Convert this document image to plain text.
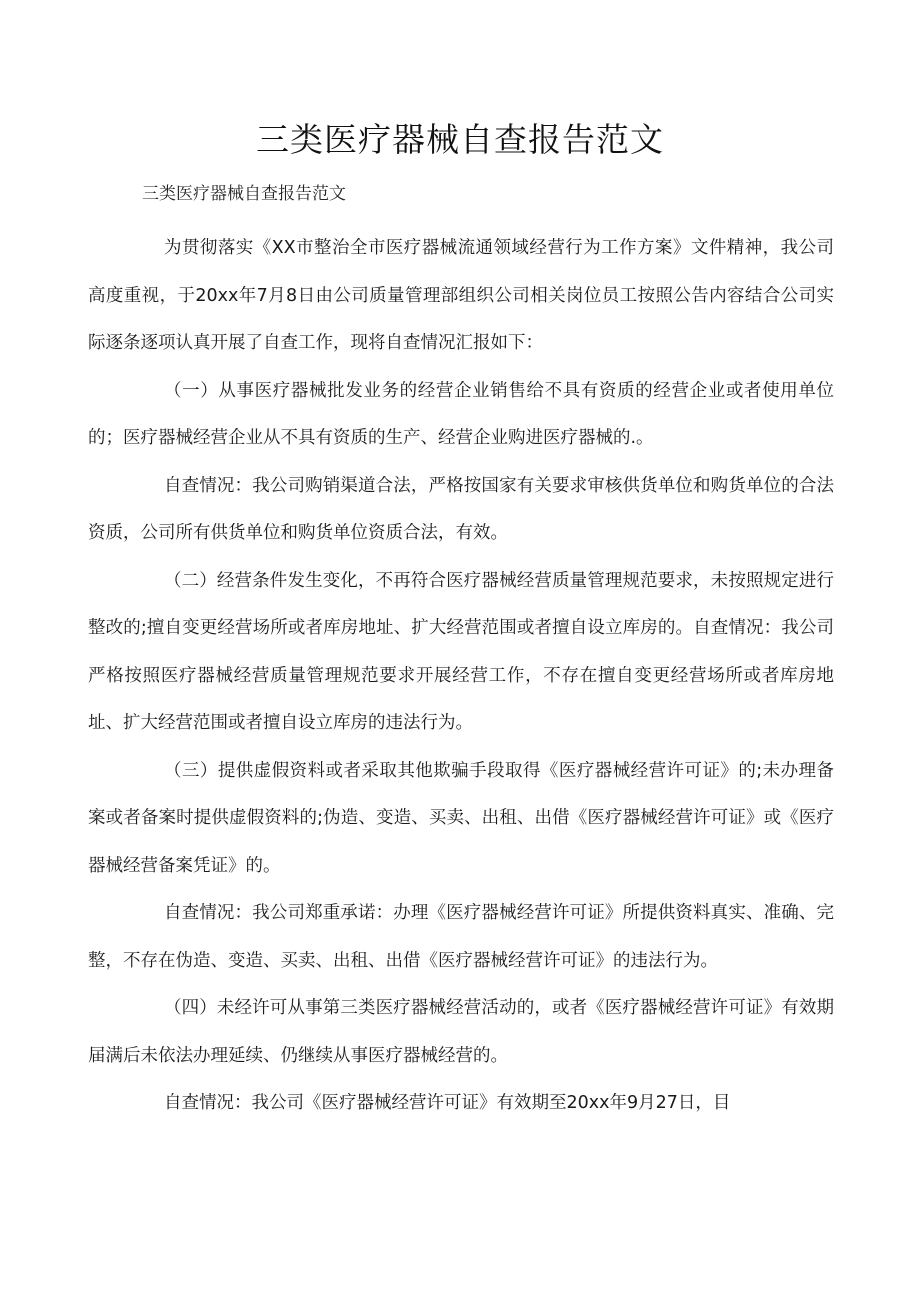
三类医疗器械自查报告范文

三类医疗器械自查报告范文

为贯彻落实《XX市整治全市医疗器械流通领域经营行为工作方案》文件精神，我公司高度重视，于20xx年7月8日由公司质量管理部组织公司相关岗位员工按照公告内容结合公司实际逐条逐项认真开展了自查工作，现将自查情况汇报如下：

（一）从事医疗器械批发业务的经营企业销售给不具有资质的经营企业或者使用单位的；医疗器械经营企业从不具有资质的生产、经营企业购进医疗器械的.。

自查情况：我公司购销渠道合法，严格按国家有关要求审核供货单位和购货单位的合法资质，公司所有供货单位和购货单位资质合法，有效。

（二）经营条件发生变化，不再符合医疗器械经营质量管理规范要求，未按照规定进行整改的;擅自变更经营场所或者库房地址、扩大经营范围或者擅自设立库房的。自查情况：我公司严格按照医疗器械经营质量管理规范要求开展经营工作，不存在擅自变更经营场所或者库房地址、扩大经营范围或者擅自设立库房的违法行为。

（三）提供虚假资料或者采取其他欺骗手段取得《医疗器械经营许可证》的;未办理备案或者备案时提供虚假资料的;伪造、变造、买卖、出租、出借《医疗器械经营许可证》或《医疗器械经营备案凭证》的。

自查情况：我公司郑重承诺：办理《医疗器械经营许可证》所提供资料真实、准确、完整，不存在伪造、变造、买卖、出租、出借《医疗器械经营许可证》的违法行为。

（四）未经许可从事第三类医疗器械经营活动的，或者《医疗器械经营许可证》有效期届满后未依法办理延续、仍继续从事医疗器械经营的。

自查情况：我公司《医疗器械经营许可证》有效期至20xx年9月27日，目
